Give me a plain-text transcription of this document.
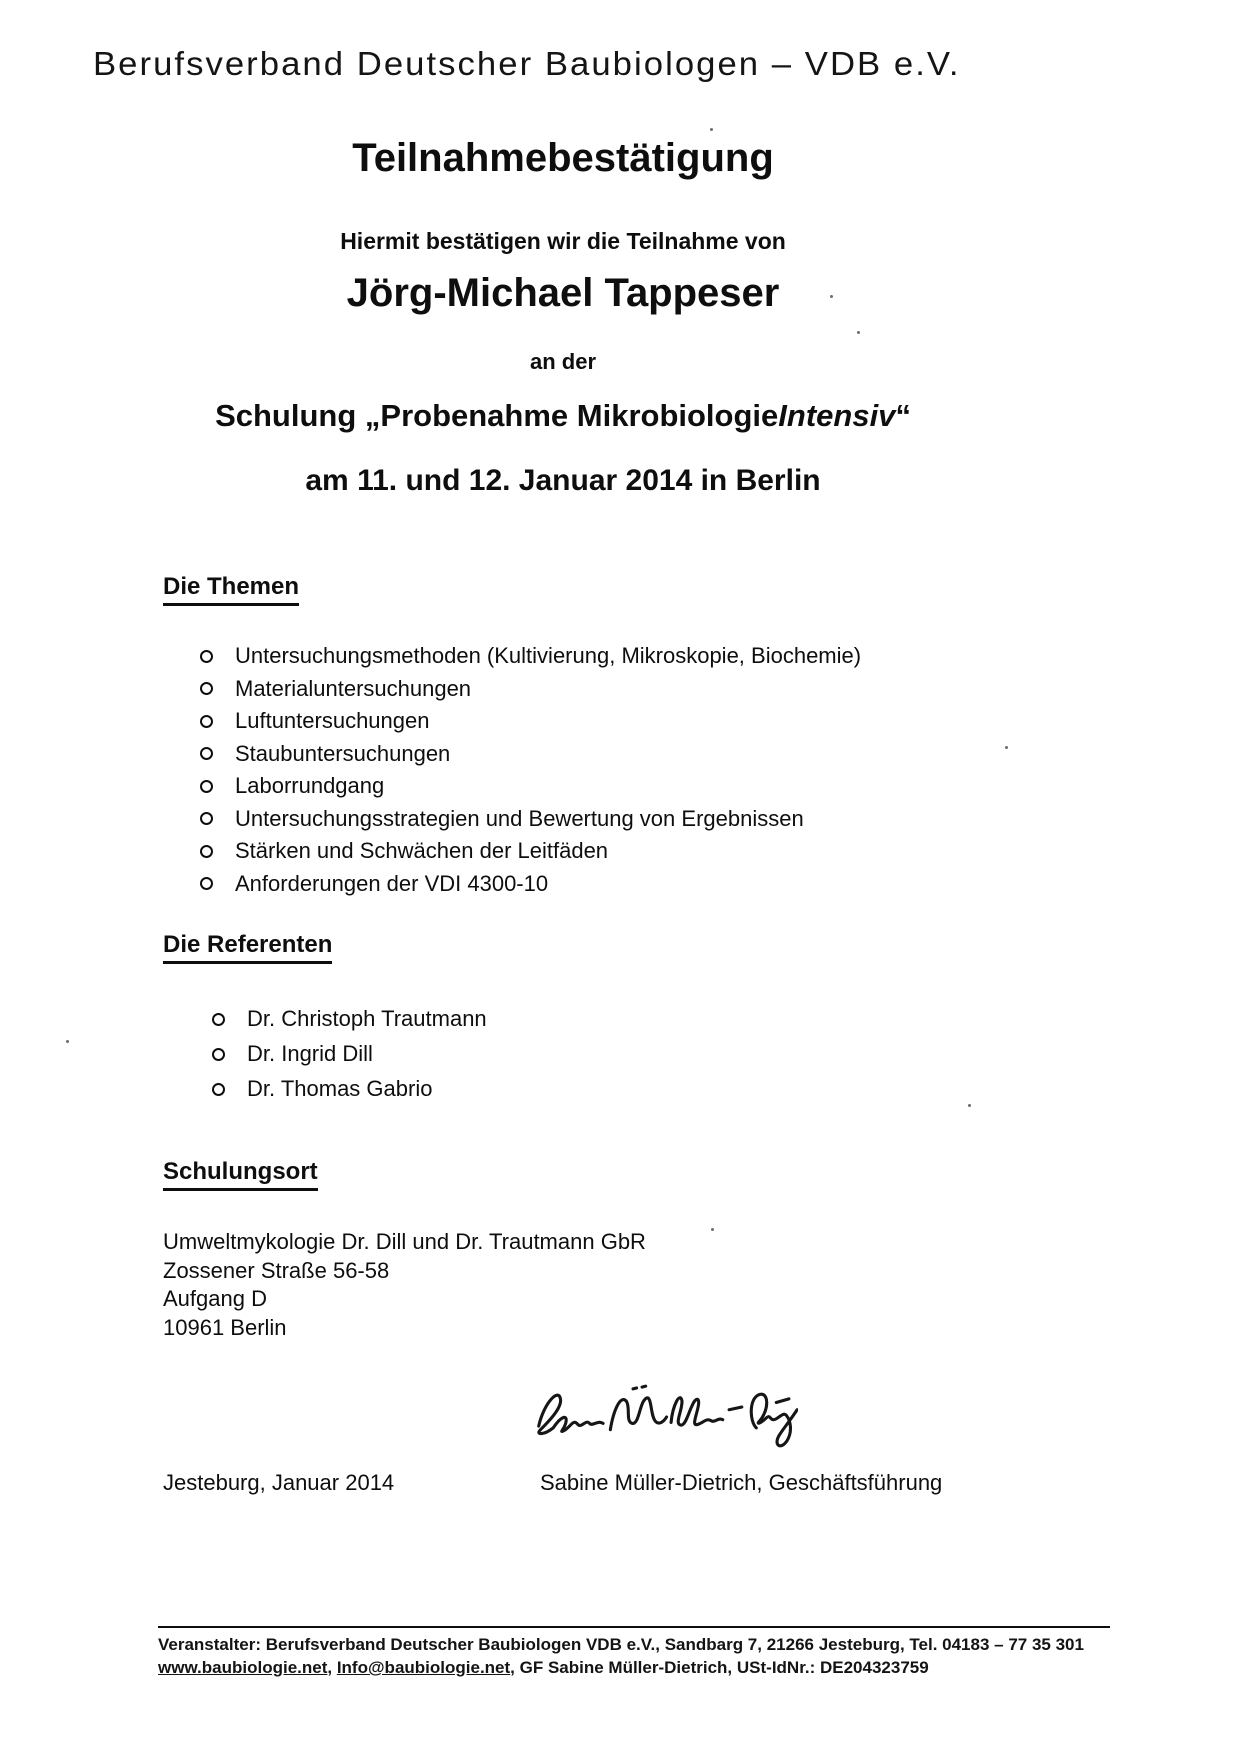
Berufsverband Deutscher Baubiologen – VDB e.V.
Teilnahmebestätigung
Hiermit bestätigen wir die Teilnahme von
Jörg-Michael Tappeser
an der
Schulung „Probenahme MikrobiologieIntensiv“
am 11. und 12. Januar 2014 in Berlin
Die Themen
Untersuchungsmethoden (Kultivierung, Mikroskopie, Biochemie)
Materialuntersuchungen
Luftuntersuchungen
Staubuntersuchungen
Laborrundgang
Untersuchungsstrategien und Bewertung von Ergebnissen
Stärken und Schwächen der Leitfäden
Anforderungen der VDI 4300-10
Die Referenten
Dr. Christoph Trautmann
Dr. Ingrid Dill
Dr. Thomas Gabrio
Schulungsort
Umweltmykologie Dr. Dill und Dr. Trautmann GbR
Zossener Straße 56-58
Aufgang D
10961 Berlin
Jesteburg, Januar 2014	Sabine Müller-Dietrich, Geschäftsführung
Veranstalter: Berufsverband Deutscher Baubiologen VDB e.V., Sandbarg 7, 21266 Jesteburg, Tel. 04183 – 77 35 301
www.baubiologie.net, Info@baubiologie.net, GF Sabine Müller-Dietrich, USt-IdNr.: DE204323759
